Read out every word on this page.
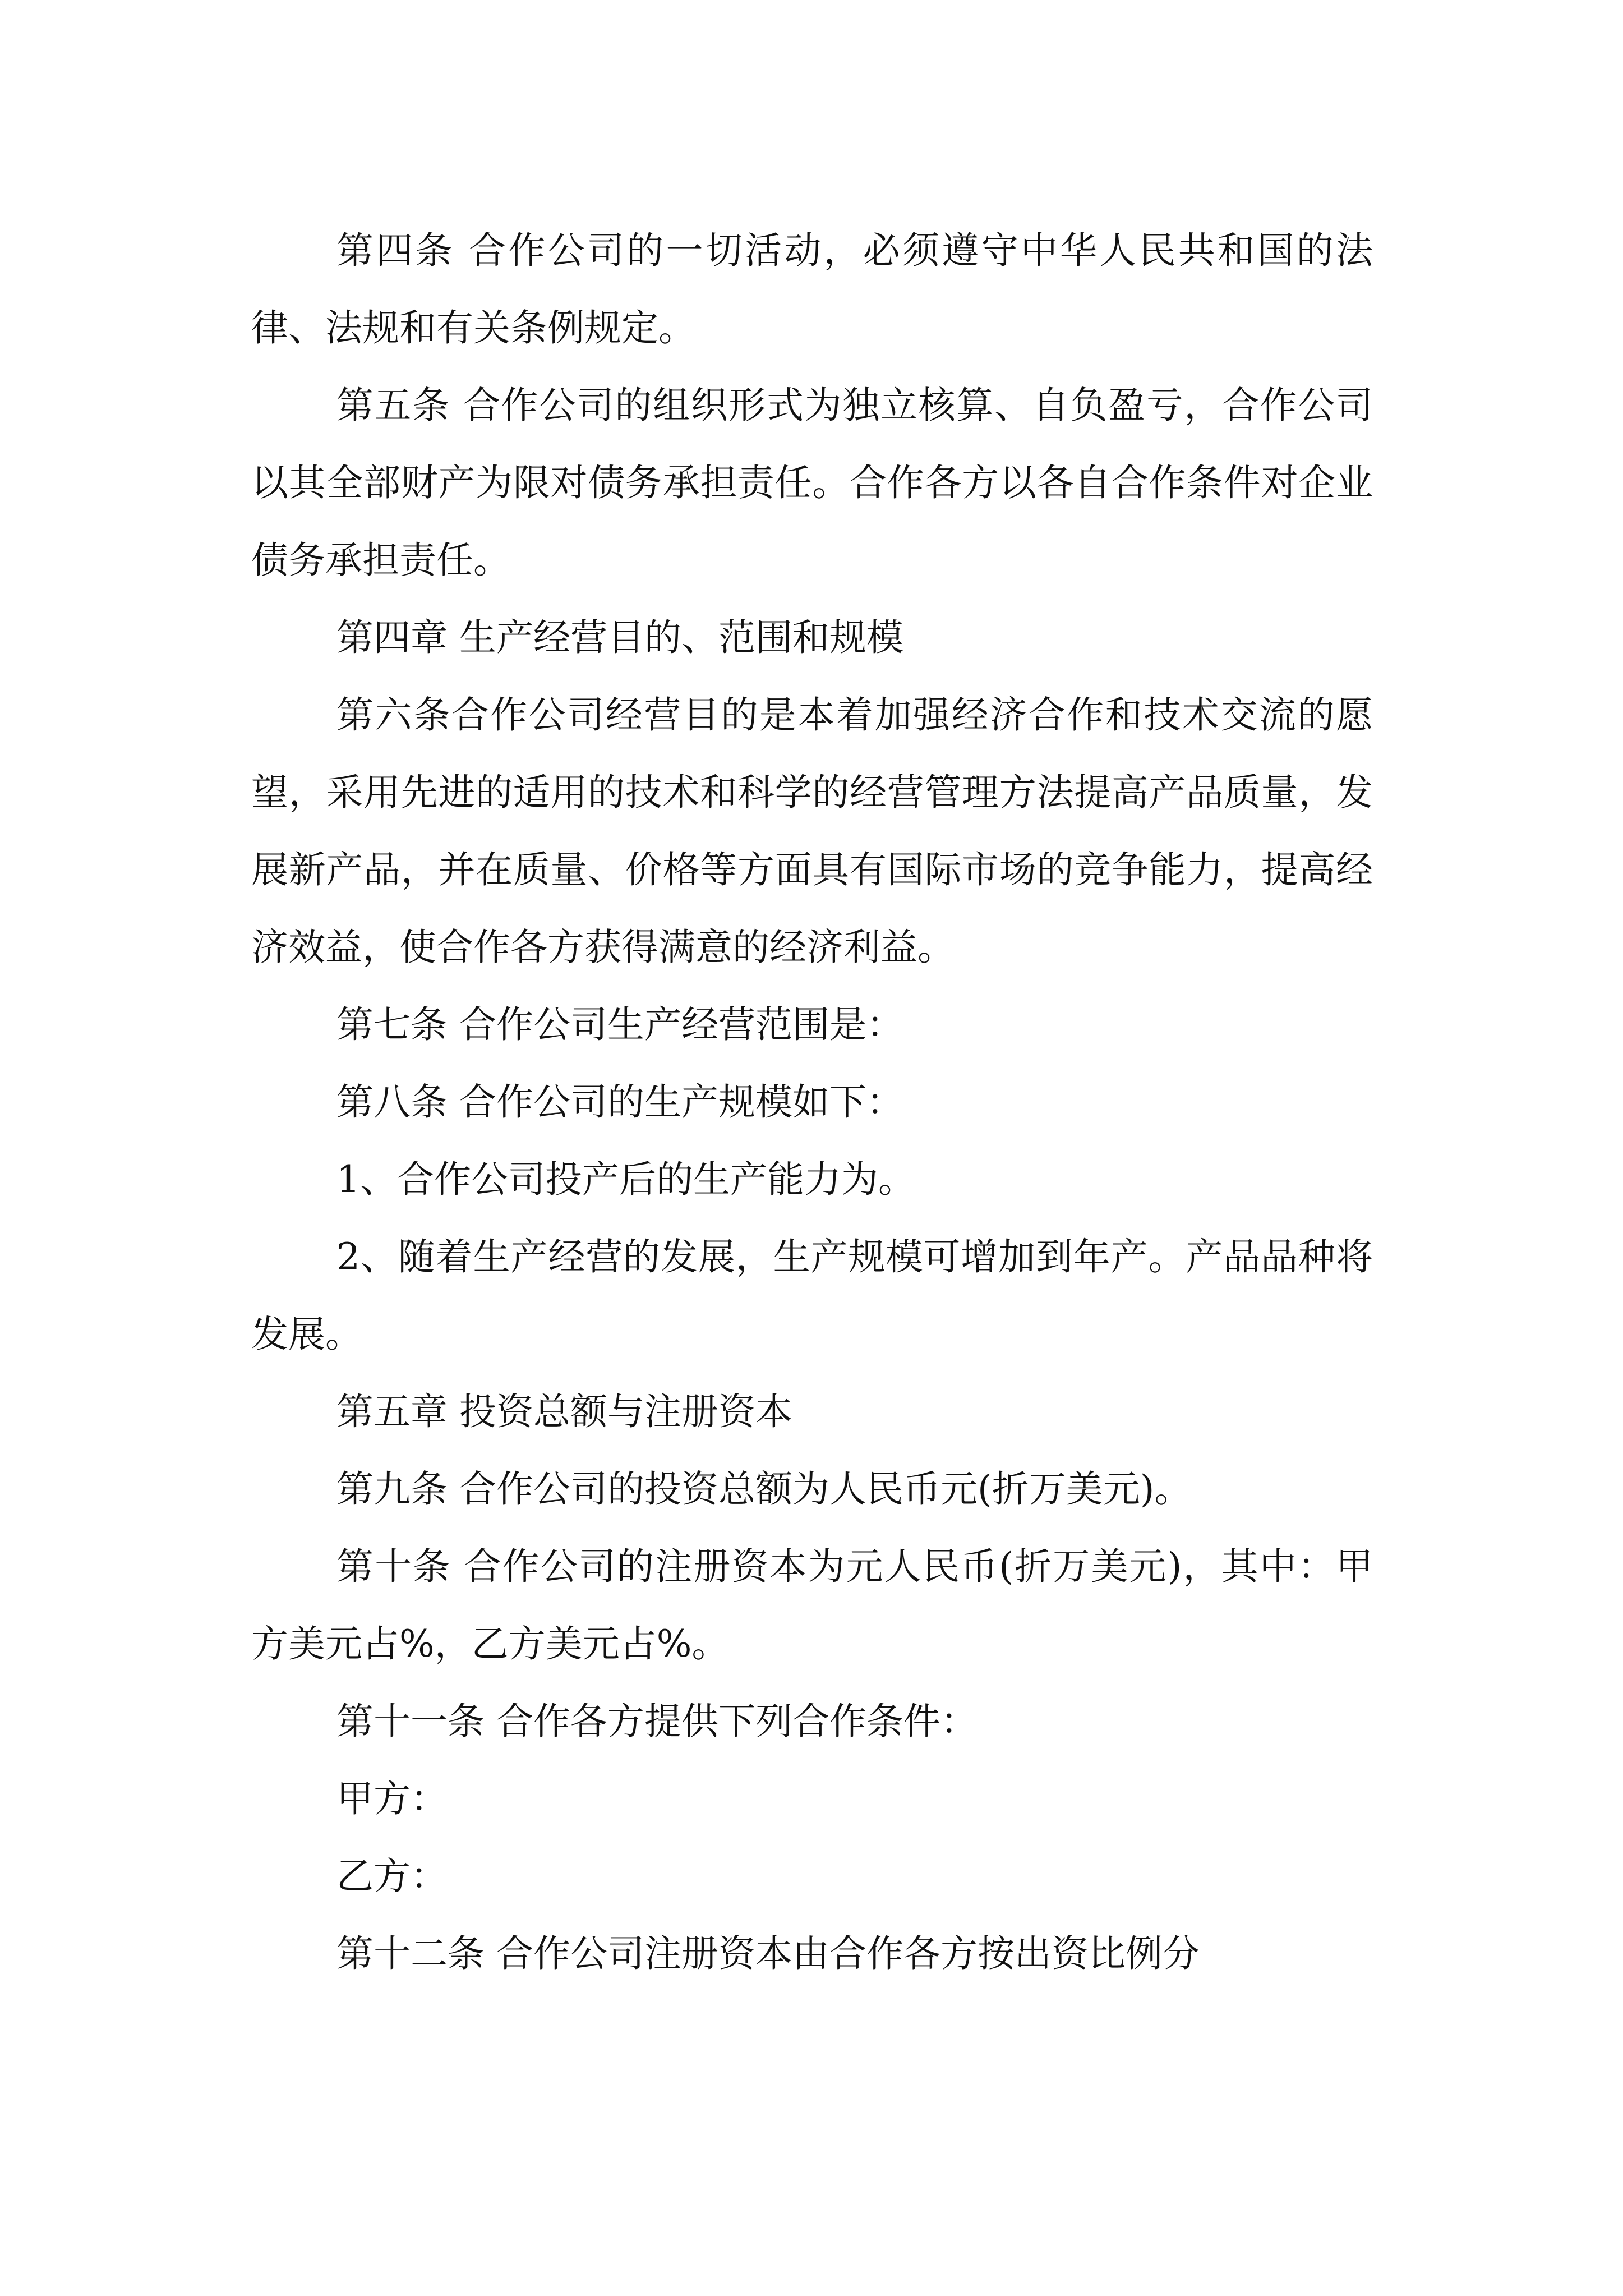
第四条 合作公司的一切活动，必须遵守中华人民共和国的法律、法规和有关条例规定。

第五条 合作公司的组织形式为独立核算、自负盈亏，合作公司以其全部财产为限对债务承担责任。合作各方以各自合作条件对企业债务承担责任。

第四章 生产经营目的、范围和规模

第六条合作公司经营目的是本着加强经济合作和技术交流的愿望，采用先进的适用的技术和科学的经营管理方法提高产品质量，发展新产品，并在质量、价格等方面具有国际市场的竞争能力，提高经济效益，使合作各方获得满意的经济利益。

第七条 合作公司生产经营范围是：

第八条 合作公司的生产规模如下：

1、合作公司投产后的生产能力为。

2、随着生产经营的发展，生产规模可增加到年产。产品品种将发展。

第五章 投资总额与注册资本

第九条 合作公司的投资总额为人民币元(折万美元)。

第十条 合作公司的注册资本为元人民币(折万美元)，其中：甲方美元占%，乙方美元占%。

第十一条 合作各方提供下列合作条件：

甲方：

乙方：

第十二条 合作公司注册资本由合作各方按出资比例分
